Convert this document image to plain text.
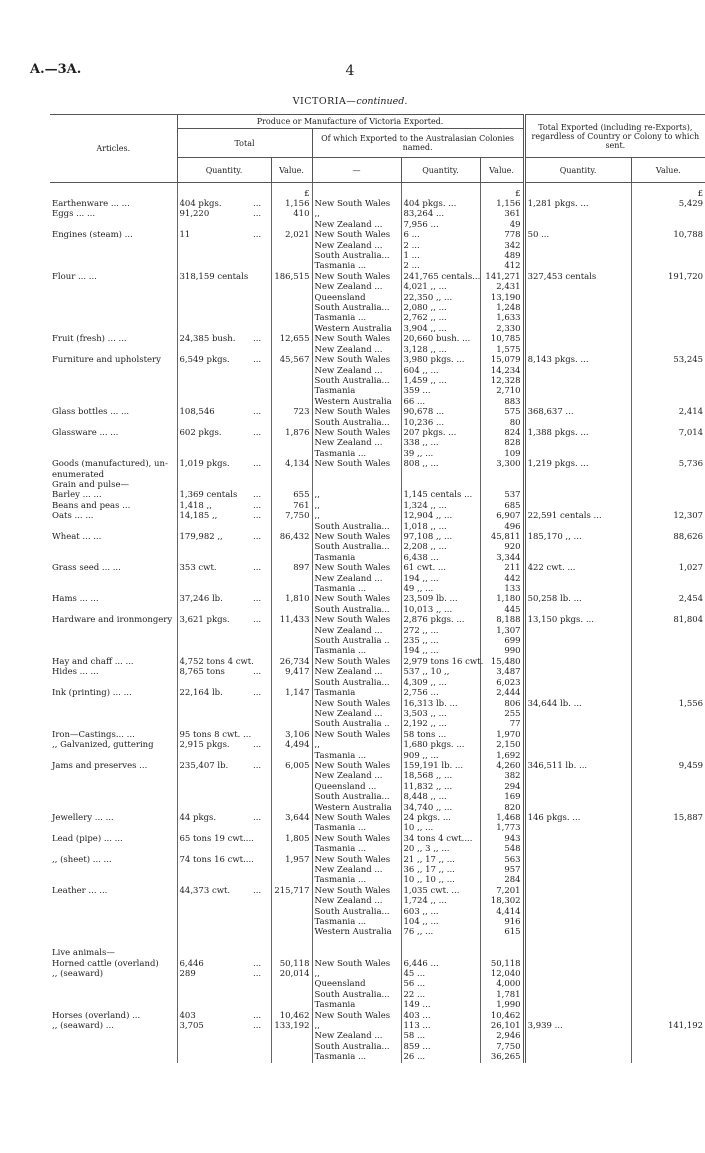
A.—3A.	4
VICTORIA—continued.
Articles.	Produce or Manufacture of Victoria Exported.						Total Exported (including re-Exports), regardless of Country or Colony to which sent.	
	Total			Of which Exported to the Australasian Colonies named.				
	Quantity.		Value.	—	Quantity.	Value.	Quantity.	Value.
			£			£		£
Earthenware ... ...	404 pkgs.	...	1,156	New South Wales	404 pkgs. ...	1,156	1,281 pkgs. ...	5,429
Eggs ... ...	91,220	...	410	,,	83,264 ...	361		
				New Zealand ...	7,956 ...	49		
Engines (steam) ...	11	...	2,021	New South Wales	6 ...	778	50 ...	10,788
				New Zealand ...	2 ...	342		
				South Australia...	1 ...	489		
				Tasmania ...	2 ...	412		
Flour ... ...	318,159 centals		186,515	New South Wales	241,765 centals...	141,271	327,453 centals	191,720
				New Zealand ...	4,021 ,, ...	2,431		
				Queensland	22,350 ,, ...	13,190		
				South Australia...	2,080 ,, ...	1,248		
				Tasmania ...	2,762 ,, ...	1,633		
				Western Australia	3,904 ,, ...	2,330		
Fruit (fresh) ... ...	24,385 bush.	...	12,655	New South Wales	20,660 bush. ...	10,785		
				New Zealand ...	3,128 ,, ...	1,575		
Furniture and upholstery	6,549 pkgs.	...	45,567	New South Wales	3,980 pkgs. ...	15,079	8,143 pkgs. ...	53,245
				New Zealand ...	604 ,, ...	14,234		
				South Australia...	1,459 ,, ...	12,328		
				Tasmania	359 ...	2,710		
				Western Australia	66 ...	883		
Glass bottles ... ...	108,546	...	723	New South Wales	90,678 ...	575	368,637 ...	2,414
				South Australia...	10,236 ...	80		
Glassware ... ...	602 pkgs.	...	1,876	New South Wales	207 pkgs. ...	824	1,388 pkgs. ...	7,014
				New Zealand ...	338 ,, ...	828		
				Tasmania ...	39 ,, ...	109		
Goods (manufactured), un-	1,019 pkgs.	...	4,134	New South Wales	808 ,, ...	3,300	1,219 pkgs. ...	5,736
enumerated								
Grain and pulse—								
Barley ... ...	1,369 centals	...	655	,,	1,145 centals ...	537		
Beans and peas ...	1,418 ,,	...	761	,,	1,324 ,, ...	685		
Oats ... ...	14,185 ,,	...	7,750	,,	12,904 ,, ...	6,907	22,591 centals ...	12,307
				South Australia...	1,018 ,, ...	496		
Wheat ... ...	179,982 ,,	...	86,432	New South Wales	97,108 ,, ...	45,811	185,170 ,, ...	88,626
				South Australia...	2,208 ,, ...	920		
				Tasmania	6,438 ...	3,344		
Grass seed ... ...	353 cwt.	...	897	New South Wales	61 cwt. ...	211	422 cwt. ...	1,027
				New Zealand ...	194 ,, ...	442		
				Tasmania ...	49 ,, ...	133		
Hams ... ...	37,246 lb.	...	1,810	New South Wales	23,509 lb. ...	1,180	50,258 lb. ...	2,454
				South Australia...	10,013 ,, ...	445		
Hardware and ironmongery	3,621 pkgs.	...	11,433	New South Wales	2,876 pkgs. ...	8,188	13,150 pkgs. ...	81,804
				New Zealand ...	272 ,, ...	1,307		
				South Australia ..	235 ,, ...	699		
				Tasmania ...	194 ,, ...	990		
Hay and chaff ... ...	4,752 tons 4 cwt.		26,734	New South Wales	2,979 tons 16 cwt.	15,480		
Hides ... ...	8,765 tons	...	9,417	New Zealand ...	537 ,, 10 ,,	3,487		
				South Australia...	4,309 ,, ...	6,023		
Ink (printing) ... ...	22,164 lb.	...	1,147	Tasmania	2,756 ...	2,444		
				New South Wales	16,313 lb. ...	806	34,644 lb. ...	1,556
				New Zealand ...	3,503 ,, ...	255		
				South Australia ..	2,192 ,, ...	77		
Iron—Castings... ...	95 tons 8 cwt. ...		3,106	New South Wales	58 tons ...	1,970		
,, Galvanized, guttering	2,915 pkgs.	...	4,494	,,	1,680 pkgs. ...	2,150		
				Tasmania ...	909 ,, ...	1,692		
Jams and preserves ...	235,407 lb.	...	6,005	New South Wales	159,191 lb. ...	4,260	346,511 lb. ...	9,459
				New Zealand ...	18,568 ,, ...	382		
				Queensland ...	11,832 ,, ...	294		
				South Australia...	8,448 ,, ...	169		
				Western Australia	34,740 ,, ...	820		
Jewellery ... ...	44 pkgs.	...	3,644	New South Wales	24 pkgs. ...	1,468	146 pkgs. ...	15,887
				Tasmania ...	10 ,, ...	1,773		
Lead (pipe) ... ...	65 tons 19 cwt....		1,805	New South Wales	34 tons 4 cwt....	943		
				Tasmania ...	20 ,, 3 ,, ...	548		
,, (sheet) ... ...	74 tons 16 cwt....		1,957	New South Wales	21 ,, 17 ,, ...	563		
				New Zealand ...	36 ,, 17 ,, ...	957		
				Tasmania ...	10 ,, 10 ,, ...	284		
Leather ... ...	44,373 cwt.	...	215,717	New South Wales	1,035 cwt. ...	7,201		
				New Zealand ...	1,724 ,, ...	18,302		
				South Australia...	603 ,, ...	4,414		
				Tasmania ...	104 ,, ...	916		
				Western Australia	76 ,, ...	615		

Live animals—								
Horned cattle (overland)	6,446	...	50,118	New South Wales	6,446 ...	50,118		
,, (seaward)	289	...	20,014	,,	45 ...	12,040		
				Queensland	56 ...	4,000		
				South Australia...	22 ...	1,781		
				Tasmania	149 ...	1,990		
Horses (overland) ...	403	...	10,462	New South Wales	403 ...	10,462		
,, (seaward) ...	3,705	...	133,192	,,	113 ...	26,101	3,939 ...	141,192
				New Zealand ...	58 ...	2,946		
				South Australia...	859 ...	7,750		
				Tasmania ...	26 ...	36,265		
